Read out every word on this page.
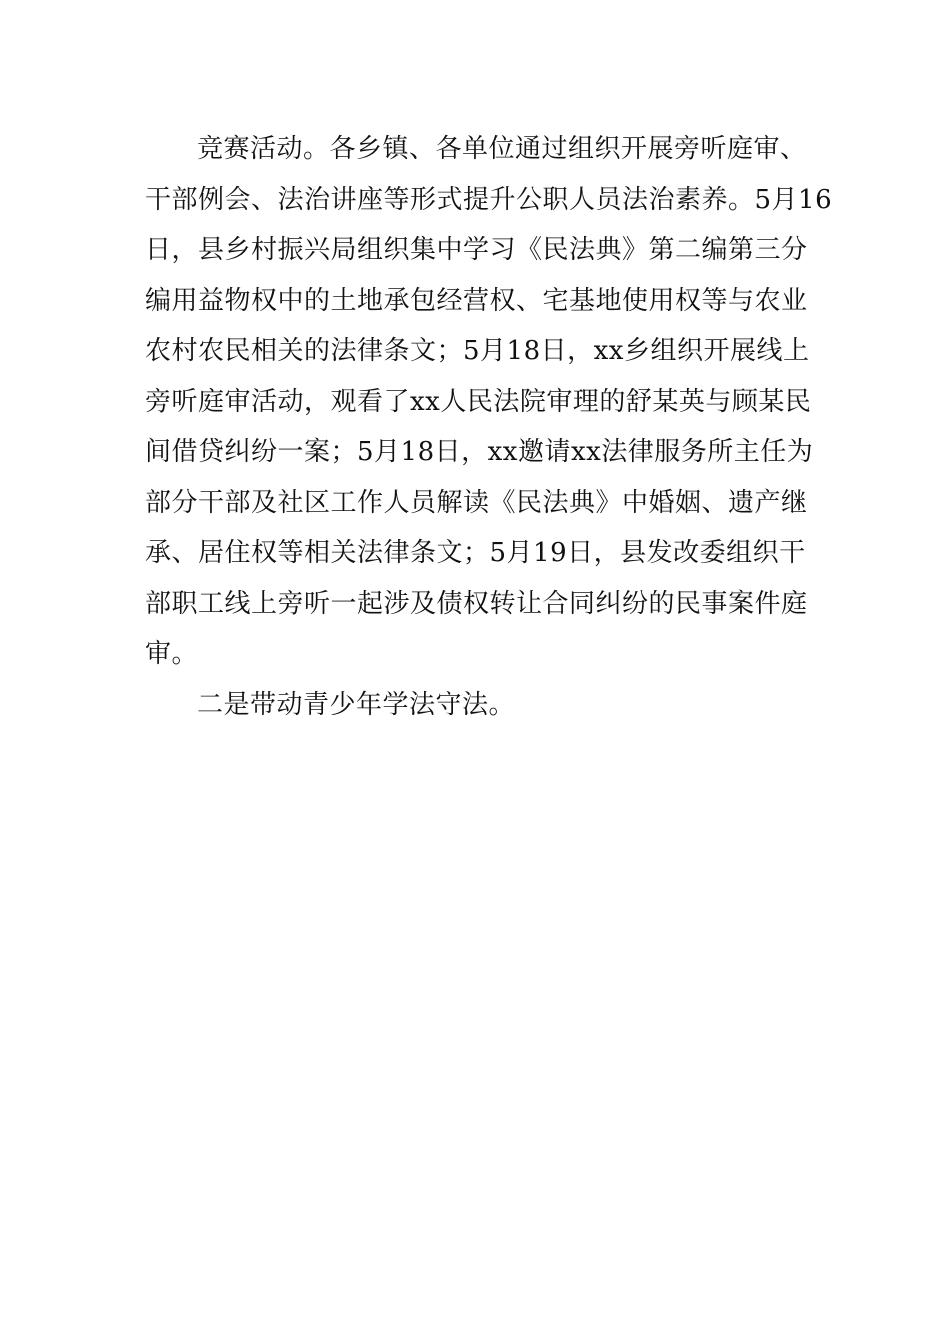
竞赛活动。各乡镇、各单位通过组织开展旁听庭审、
干部例会、法治讲座等形式提升公职人员法治素养。5月16
日，县乡村振兴局组织集中学习《民法典》第二编第三分
编用益物权中的土地承包经营权、宅基地使用权等与农业
农村农民相关的法律条文；5月18日，xx乡组织开展线上
旁听庭审活动，观看了xx人民法院审理的舒某英与顾某民
间借贷纠纷一案；5月18日，xx邀请xx法律服务所主任为
部分干部及社区工作人员解读《民法典》中婚姻、遗产继
承、居住权等相关法律条文；5月19日，县发改委组织干
部职工线上旁听一起涉及债权转让合同纠纷的民事案件庭
审。
二是带动青少年学法守法。
